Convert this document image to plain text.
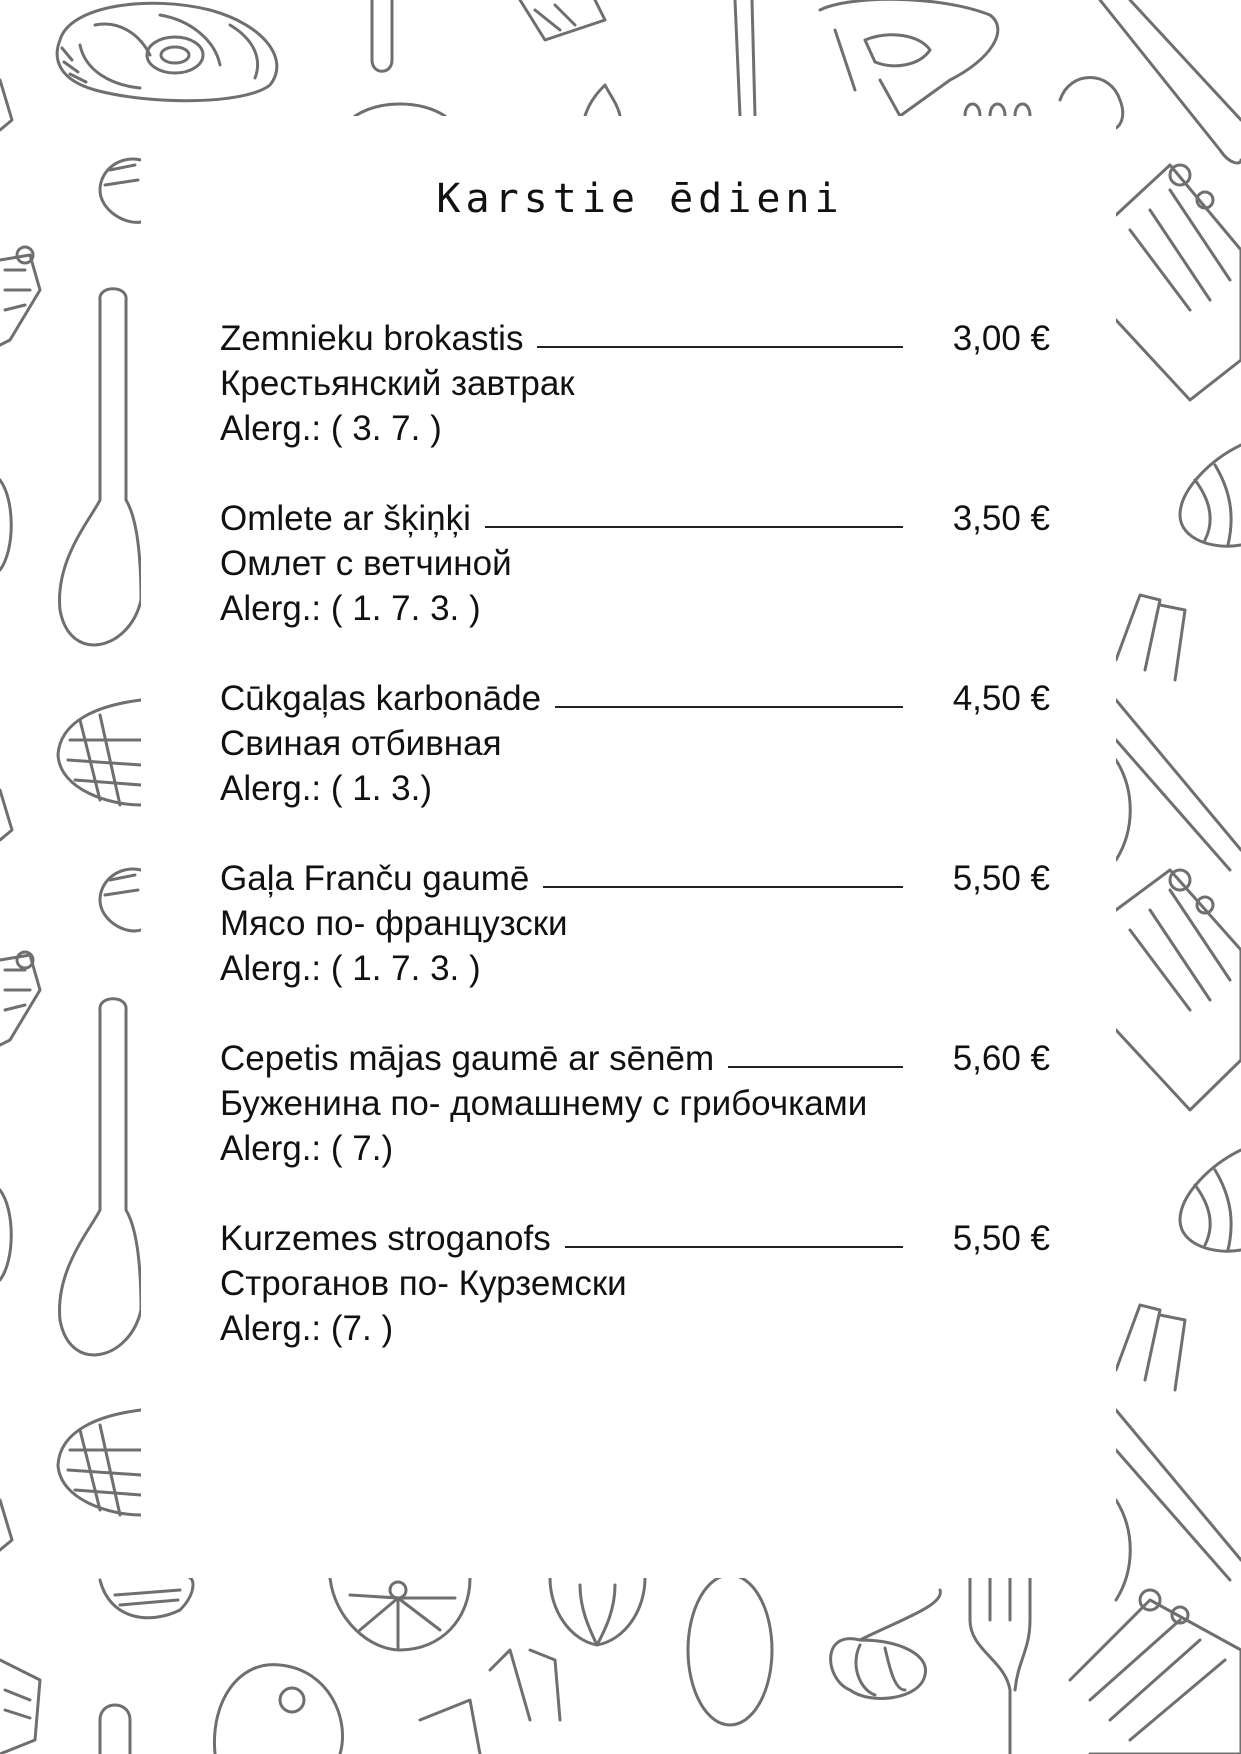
Karstie ēdieni
Zemnieku brokastis	3,00 €
Крестьянский завтрак
Alerg.: ( 3. 7. )
Omlete ar šķiņķi	3,50 €
Омлет с ветчиной
Alerg.: ( 1. 7. 3. )
Cūkgaļas karbonāde	4,50 €
Свиная отбивная
Alerg.: ( 1. 3.)
Gaļa Franču gaumē	5,50 €
Мясо по- французски
Alerg.: ( 1. 7. 3. )
Cepetis mājas gaumē ar sēnēm	5,60 €
Буженина по- домашнему с грибочками
Alerg.: ( 7.)
Kurzemes stroganofs	5,50 €
Строганов по- Курземски
Alerg.: (7. )
